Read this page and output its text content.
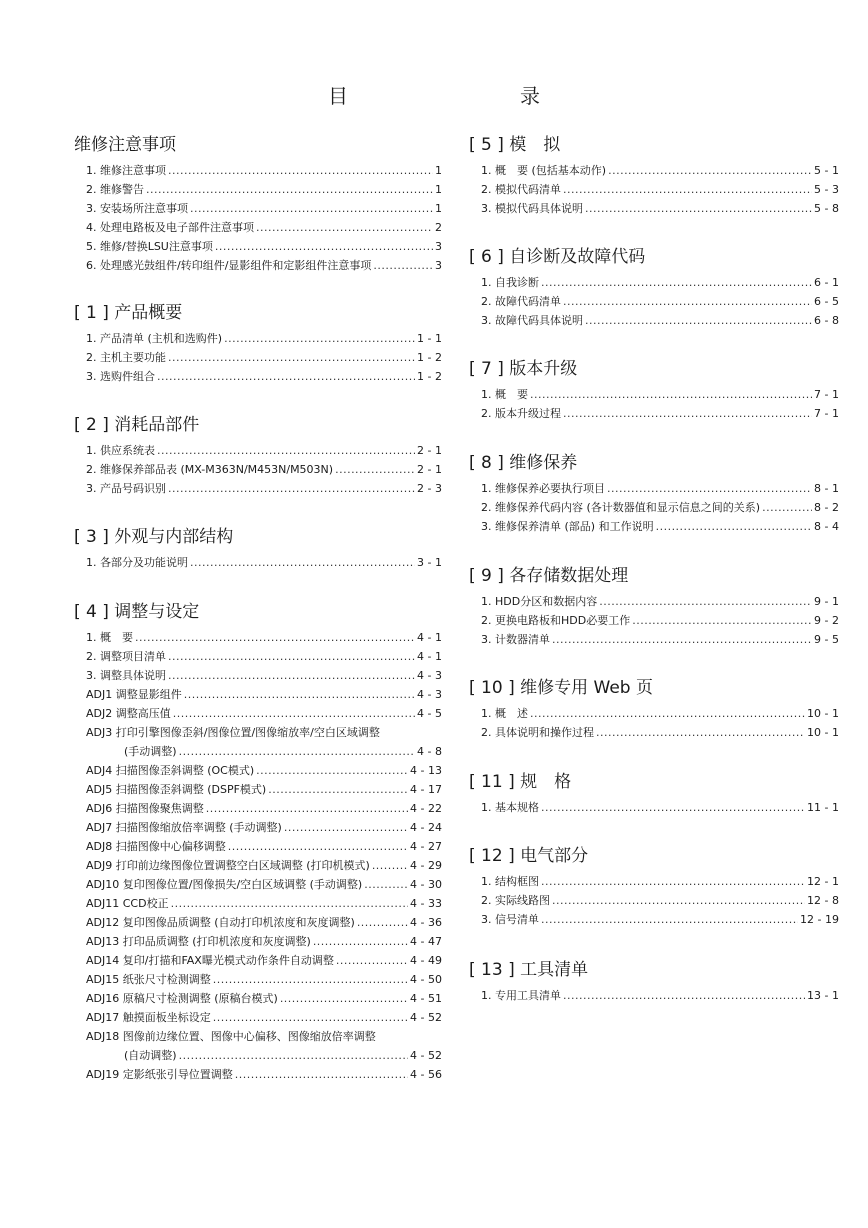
目　　录
维修注意事项
1. 维修注意事项 .....	1
2. 维修警告 .....	1
3. 安装场所注意事项 .....	1
4. 处理电路板及电子部件注意事项 .....	2
5. 维修/替换LSU注意事项 .....	3
6. 处理感光鼓组件/转印组件/显影组件和定影组件注意事项 .....	3
[ 1 ] 产品概要
1. 产品清单 (主机和选购件) .....	1 - 1
2. 主机主要功能 .....	1 - 2
3. 选购件组合 .....	1 - 2
[ 2 ] 消耗品部件
1. 供应系统表 .....	2 - 1
2. 维修保养部品表 (MX-M363N/M453N/M503N) .....	2 - 1
3. 产品号码识别 .....	2 - 3
[ 3 ] 外观与内部结构
1. 各部分及功能说明 .....	3 - 1
[ 4 ] 调整与设定
1. 概　要 .....	4 - 1
2. 调整项目清单 .....	4 - 1
3. 调整具体说明 .....	4 - 3
ADJ1 调整显影组件 .....	4 - 3
ADJ2 调整高压值 .....	4 - 5
ADJ3 打印引擎图像歪斜/图像位置/图像缩放率/空白区域调整
(手动调整) .....	4 - 8
ADJ4 扫描图像歪斜调整 (OC模式) .....	4 - 13
ADJ5 扫描图像歪斜调整 (DSPF模式) .....	4 - 17
ADJ6 扫描图像聚焦调整 .....	4 - 22
ADJ7 扫描图像缩放倍率调整 (手动调整) .....	4 - 24
ADJ8 扫描图像中心偏移调整 .....	4 - 27
ADJ9 打印前边缘图像位置调整空白区域调整 (打印机模式) .....	4 - 29
ADJ10 复印图像位置/图像损失/空白区域调整 (手动调整) .....	4 - 30
ADJ11 CCD校正 .....	4 - 33
ADJ12 复印图像品质调整 (自动打印机浓度和灰度调整) .....	4 - 36
ADJ13 打印品质调整 (打印机浓度和灰度调整) .....	4 - 47
ADJ14 复印/打描和FAX曝光模式动作条件自动调整 .....	4 - 49
ADJ15 纸张尺寸检测调整 .....	4 - 50
ADJ16 原稿尺寸检测调整 (原稿台模式) .....	4 - 51
ADJ17 触摸面板坐标设定 .....	4 - 52
ADJ18 图像前边缘位置、图像中心偏移、图像缩放倍率调整
(自动调整) .....	4 - 52
ADJ19 定影纸张引导位置调整 .....	4 - 56
[ 5 ] 模　拟
1. 概　要 (包括基本动作) .....	5 - 1
2. 模拟代码清单 .....	5 - 3
3. 模拟代码具体说明 .....	5 - 8
[ 6 ] 自诊断及故障代码
1. 自我诊断 .....	6 - 1
2. 故障代码清单 .....	6 - 5
3. 故障代码具体说明 .....	6 - 8
[ 7 ] 版本升级
1. 概　要 .....	7 - 1
2. 版本升级过程 .....	7 - 1
[ 8 ] 维修保养
1. 维修保养必要执行项目 .....	8 - 1
2. 维修保养代码内容 (各计数器值和显示信息之间的关系) .....	8 - 2
3. 维修保养清单 (部品) 和工作说明 .....	8 - 4
[ 9 ] 各存储数据处理
1. HDD分区和数据内容 .....	9 - 1
2. 更换电路板和HDD必要工作 .....	9 - 2
3. 计数器清单 .....	9 - 5
[ 10 ] 维修专用 Web 页
1. 概　述 .....	10 - 1
2. 具体说明和操作过程 .....	10 - 1
[ 11 ] 规　格
1. 基本规格 .....	11 - 1
[ 12 ] 电气部分
1. 结构框图 .....	12 - 1
2. 实际线路图 .....	12 - 8
3. 信号清单 .....	12 - 19
[ 13 ] 工具清单
1. 专用工具清单 .....	13 - 1
